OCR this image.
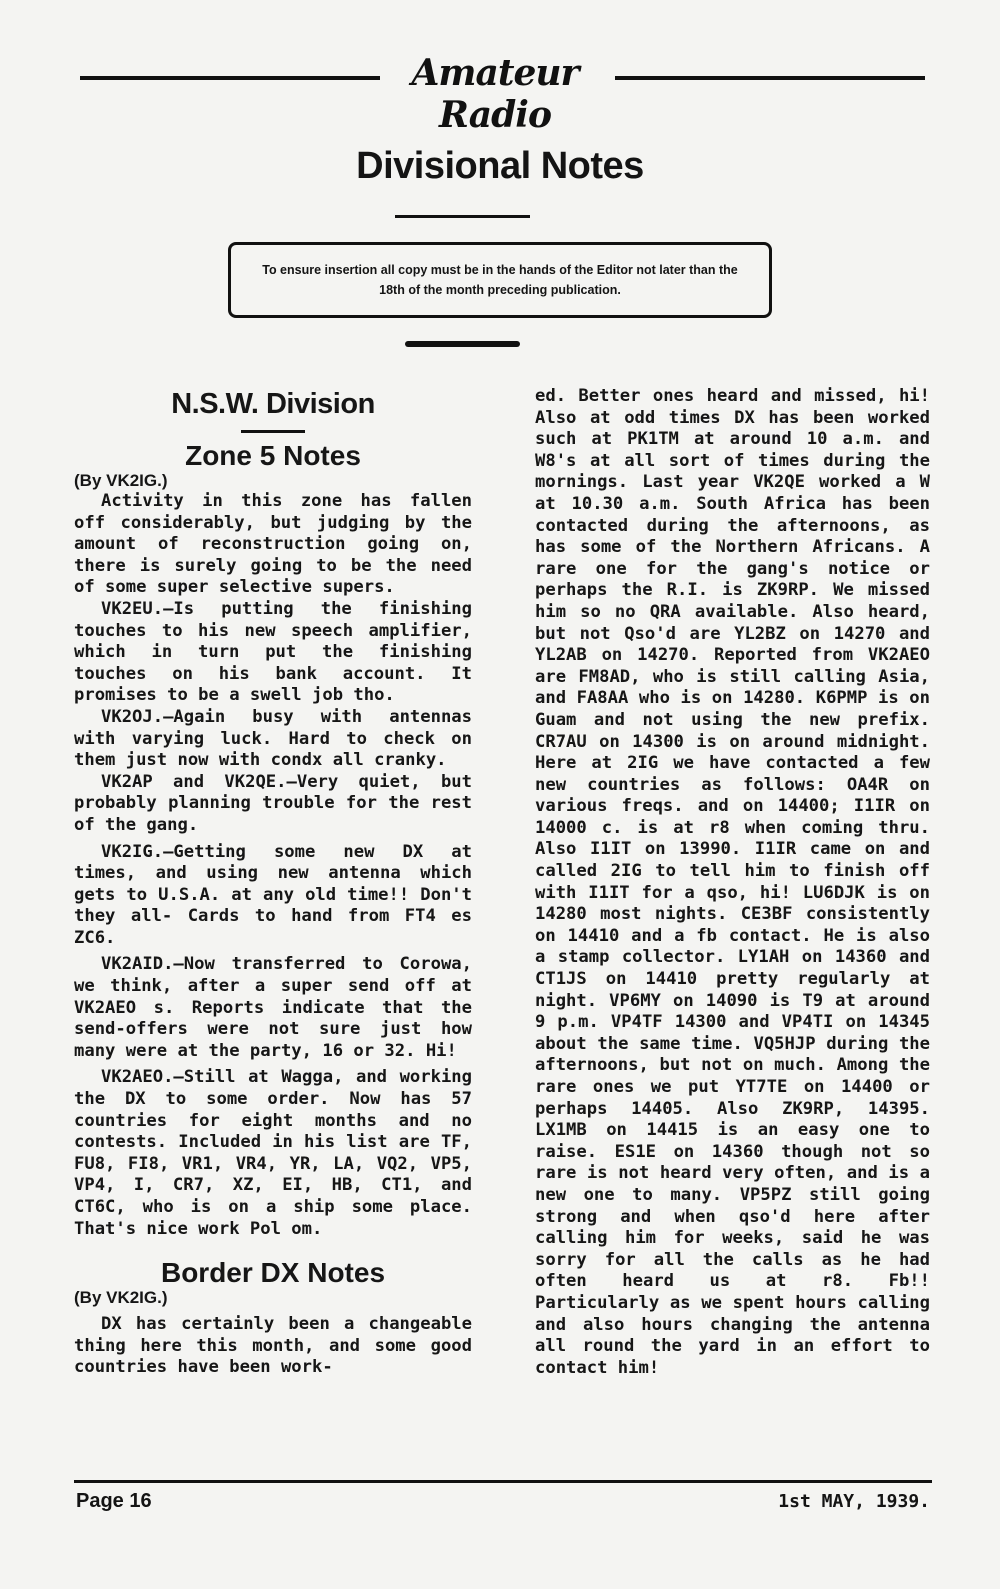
Amateur Radio
Divisional Notes
To ensure insertion all copy must be in the hands of the Editor not later than the 18th of the month preceding publication.
N.S.W. Division
Zone 5 Notes

(By VK2IG.)

Activity in this zone has fallen off considerably, but judging by the amount of reconstruction going on, there is surely going to be the need of some super selective supers.

VK2EU.—Is putting the finishing touches to his new speech amplifier, which in turn put the finishing touches on his bank account. It promises to be a swell job tho.

VK2OJ.—Again busy with antennas with varying luck. Hard to check on them just now with condx all cranky.

VK2AP and VK2QE.—Very quiet, but probably planning trouble for the rest of the gang.

VK2IG.—Getting some new DX at times, and using new antenna which gets to U.S.A. at any old time!! Don't they all- Cards to hand from FT4 es ZC6.

VK2AID.—Now transferred to Corowa, we think, after a super send off at VK2AEO s. Reports indicate that the send-offers were not sure just how many were at the party, 16 or 32. Hi!

VK2AEO.—Still at Wagga, and working the DX to some order. Now has 57 countries for eight months and no contests. Included in his list are TF, FU8, FI8, VR1, VR4, YR, LA, VQ2, VP5, VP4, I, CR7, XZ, EI, HB, CT1, and CT6C, who is on a ship some place. That's nice work Pol om.

Border DX Notes

(By VK2IG.)

DX has certainly been a changeable thing here this month, and some good countries have been work-

ed. Better ones heard and missed, hi! Also at odd times DX has been worked such at PK1TM at around 10 a.m. and W8's at all sort of times during the mornings. Last year VK2QE worked a W at 10.30 a.m. South Africa has been contacted during the afternoons, as has some of the Northern Africans. A rare one for the gang's notice or perhaps the R.I. is ZK9RP. We missed him so no QRA available. Also heard, but not Qso'd are YL2BZ on 14270 and YL2AB on 14270. Reported from VK2AEO are FM8AD, who is still calling Asia, and FA8AA who is on 14280. K6PMP is on Guam and not using the new prefix. CR7AU on 14300 is on around midnight. Here at 2IG we have contacted a few new countries as follows: OA4R on various freqs. and on 14400; I1IR on 14000 c. is at r8 when coming thru. Also I1IT on 13990. I1IR came on and called 2IG to tell him to finish off with I1IT for a qso, hi! LU6DJK is on 14280 most nights. CE3BF consistently on 14410 and a fb contact. He is also a stamp collector. LY1AH on 14360 and CT1JS on 14410 pretty regularly at night. VP6MY on 14090 is T9 at around 9 p.m. VP4TF 14300 and VP4TI on 14345 about the same time. VQ5HJP during the afternoons, but not on much. Among the rare ones we put YT7TE on 14400 or perhaps 14405. Also ZK9RP, 14395. LX1MB on 14415 is an easy one to raise. ES1E on 14360 though not so rare is not heard very often, and is a new one to many. VP5PZ still going strong and when qso'd here after calling him for weeks, said he was sorry for all the calls as he had often heard us at r8. Fb!! Particularly as we spent hours calling and also hours changing the antenna all round the yard in an effort to contact him!

Page 16	1st MAY, 1939.
